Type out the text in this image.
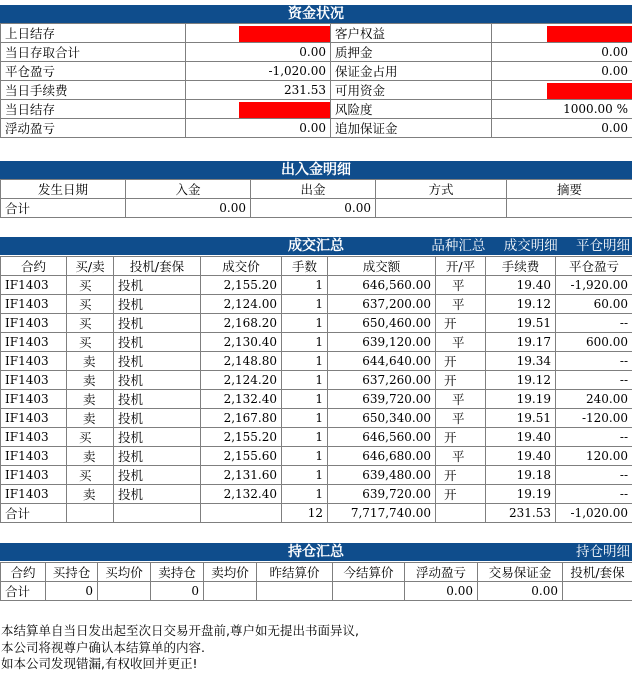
资金状况
上日结存		客户权益	
当日存取合计	0.00	质押金	0.00
平仓盈亏	-1,020.00	保证金占用	0.00
当日手续费	231.53	可用资金	
当日结存		风险度	1000.00 %
浮动盈亏	0.00	追加保证金	0.00
出入金明细
发生日期	入金	出金	方式	摘要
合计	0.00	0.00		
成交汇总	品种汇总 成交明细 平仓明细
合约	买/卖	投机/套保	成交价	手数	成交额	开/平	手续费	平仓盈亏
IF1403	买	投机	2,155.20	1	646,560.00	平	19.40	-1,920.00
IF1403	买	投机	2,124.00	1	637,200.00	平	19.12	60.00
IF1403	买	投机	2,168.20	1	650,460.00	开	19.51	--
IF1403	买	投机	2,130.40	1	639,120.00	平	19.17	600.00
IF1403	卖	投机	2,148.80	1	644,640.00	开	19.34	--
IF1403	卖	投机	2,124.20	1	637,260.00	开	19.12	--
IF1403	卖	投机	2,132.40	1	639,720.00	平	19.19	240.00
IF1403	卖	投机	2,167.80	1	650,340.00	平	19.51	-120.00
IF1403	买	投机	2,155.20	1	646,560.00	开	19.40	--
IF1403	卖	投机	2,155.60	1	646,680.00	平	19.40	120.00
IF1403	买	投机	2,131.60	1	639,480.00	开	19.18	--
IF1403	卖	投机	2,132.40	1	639,720.00	开	19.19	--
合计				12	7,717,740.00		231.53	-1,020.00
持仓汇总	持仓明细
合约	买持仓	买均价	卖持仓	卖均价	昨结算价	今结算价	浮动盈亏	交易保证金	投机/套保
合计	0		0				0.00	0.00	
本结算单自当日发出起至次日交易开盘前,尊户如无提出书面异议,
本公司将视尊户确认本结算单的内容.
如本公司发现错漏,有权收回并更正!
